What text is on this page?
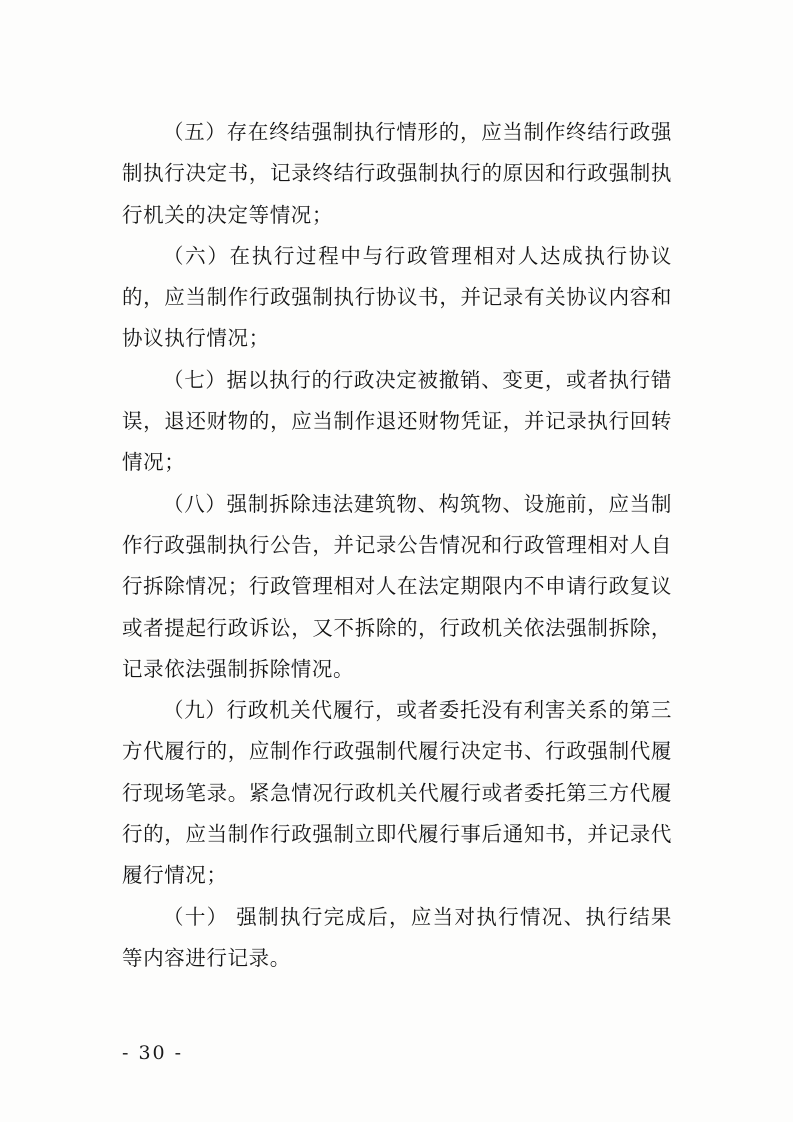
（五）存在终结强制执行情形的，应当制作终结行政强制执行决定书，记录终结行政强制执行的原因和行政强制执行机关的决定等情况；

（六）在执行过程中与行政管理相对人达成执行协议的，应当制作行政强制执行协议书，并记录有关协议内容和协议执行情况；

（七）据以执行的行政决定被撤销、变更，或者执行错误，退还财物的，应当制作退还财物凭证，并记录执行回转情况；

（八）强制拆除违法建筑物、构筑物、设施前，应当制作行政强制执行公告，并记录公告情况和行政管理相对人自行拆除情况；行政管理相对人在法定期限内不申请行政复议或者提起行政诉讼，又不拆除的，行政机关依法强制拆除，记录依法强制拆除情况。

（九）行政机关代履行，或者委托没有利害关系的第三方代履行的，应制作行政强制代履行决定书、行政强制代履行现场笔录。紧急情况行政机关代履行或者委托第三方代履行的，应当制作行政强制立即代履行事后通知书，并记录代履行情况；

（十） 强制执行完成后，应当对执行情况、执行结果等内容进行记录。

- 30 -
